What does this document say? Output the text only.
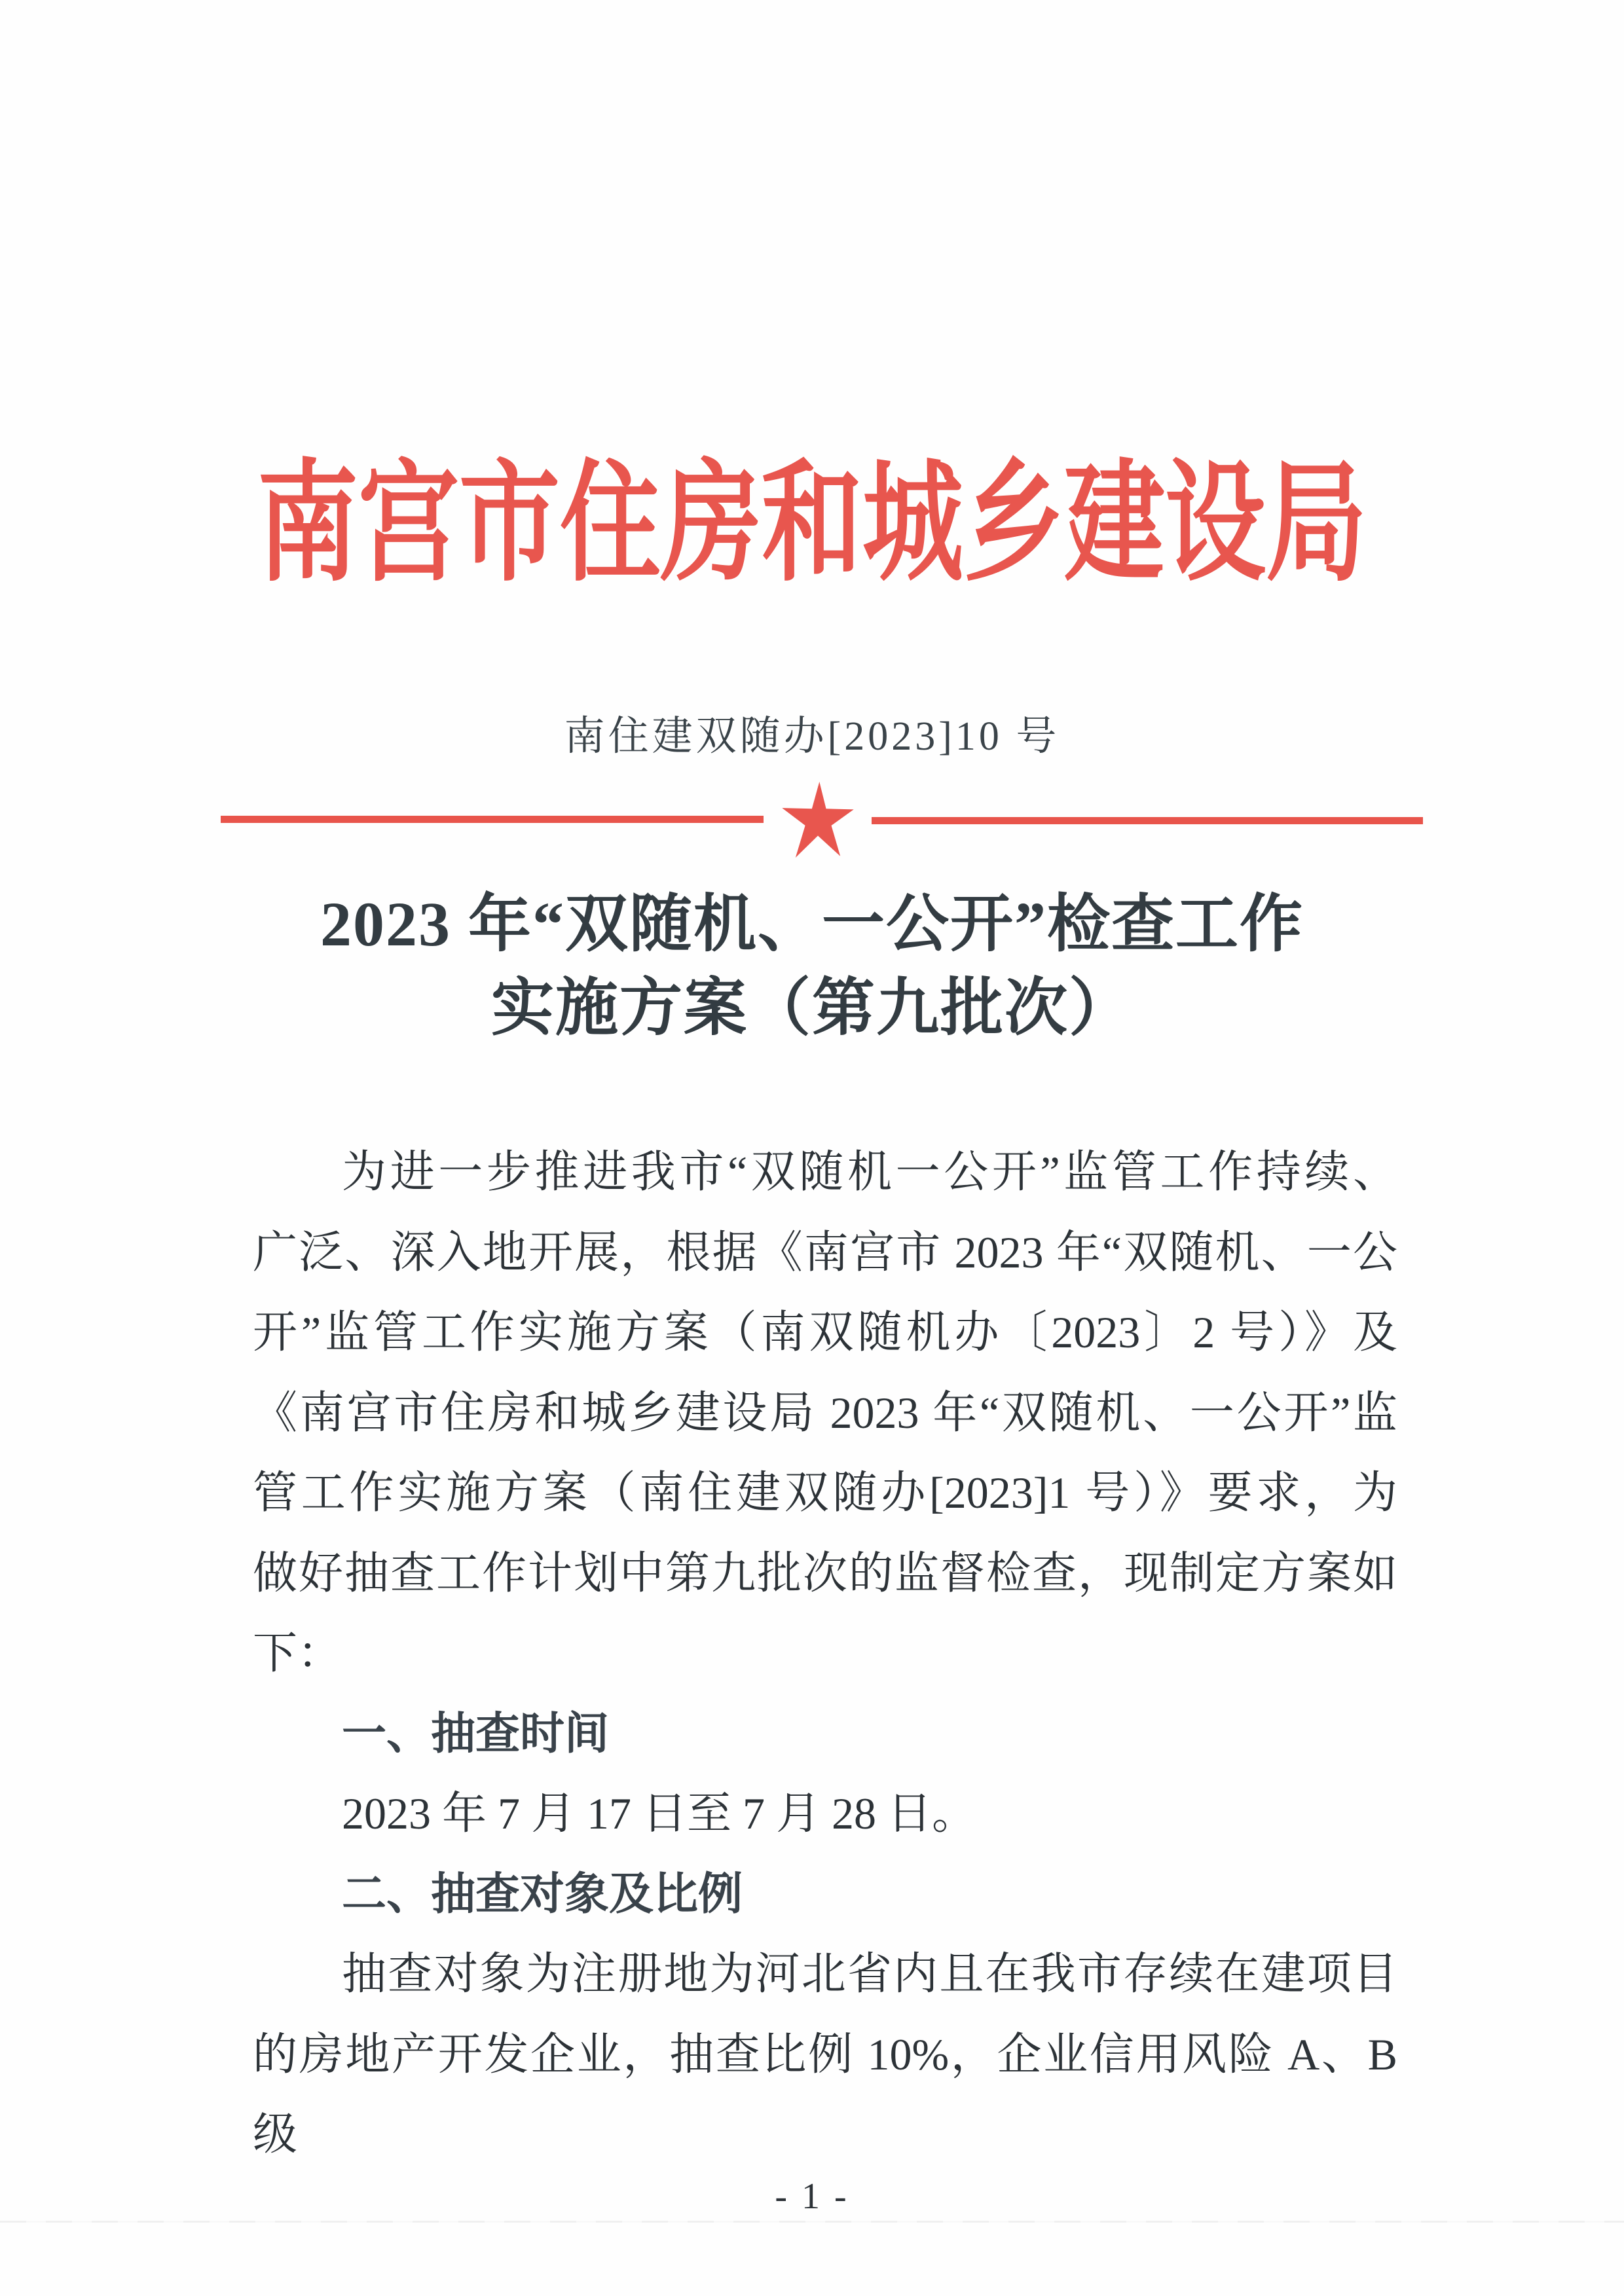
南宫市住房和城乡建设局
南住建双随办[2023]10 号
2023 年“双随机、一公开”检查工作
实施方案（第九批次）
为进一步推进我市“双随机一公开”监管工作持续、
广泛、深入地开展，根据《南宫市 2023 年“双随机、一公
开”监管工作实施方案（南双随机办〔2023〕2 号）》及
《南宫市住房和城乡建设局 2023 年“双随机、一公开”监
管工作实施方案（南住建双随办[2023]1 号）》要求，为
做好抽查工作计划中第九批次的监督检查，现制定方案如
下：
一、抽查时间
2023 年 7 月 17 日至 7 月 28 日。
二、抽查对象及比例
抽查对象为注册地为河北省内且在我市存续在建项目
的房地产开发企业，抽查比例 10%，企业信用风险 A、B 级
- 1 -
